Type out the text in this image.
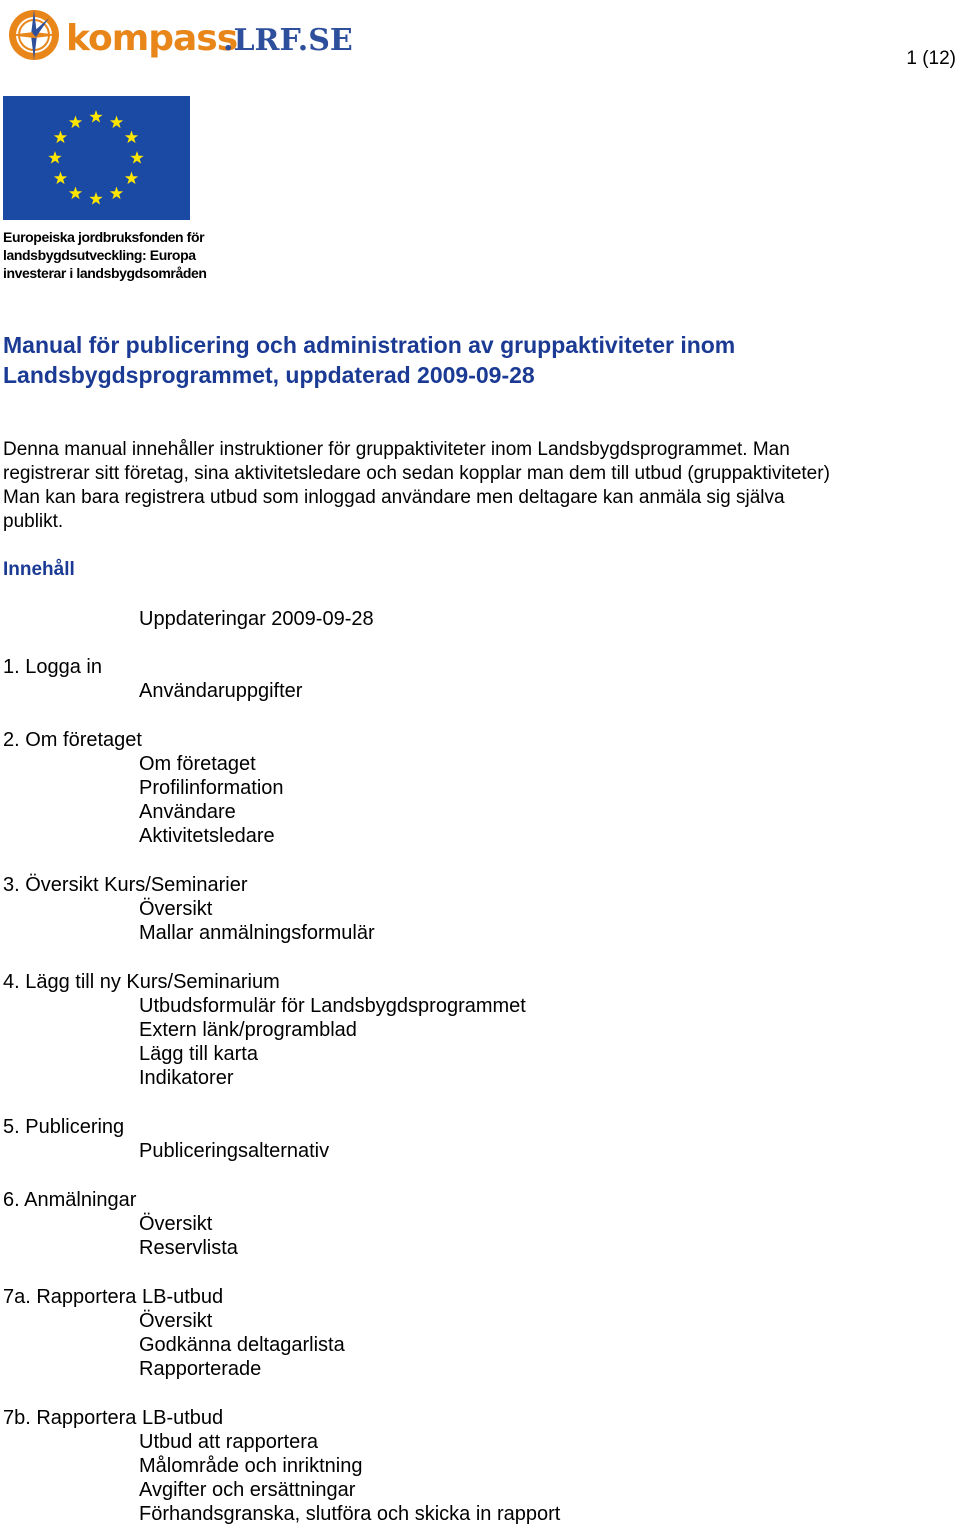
kompass
.LRF.SE
1 (12)
Europeiska jordbruksfonden för
landsbygdsutveckling: Europa
investerar i landsbygdsområden
Manual för publicering och administration av gruppaktiviteter inom
Landsbygdsprogrammet, uppdaterad 2009-09-28
Denna manual innehåller instruktioner för gruppaktiviteter inom Landsbygdsprogrammet. Man
registrerar sitt företag, sina aktivitetsledare och sedan kopplar man dem till utbud (gruppaktiviteter)
Man kan bara registrera utbud som inloggad användare men deltagare kan anmäla sig själva
publikt.
Innehåll
Uppdateringar 2009-09-28
1. Logga in
Användaruppgifter
2. Om företaget
Om företaget
Profilinformation
Användare
Aktivitetsledare
3. Översikt Kurs/Seminarier
Översikt
Mallar anmälningsformulär
4. Lägg till ny Kurs/Seminarium
Utbudsformulär för Landsbygdsprogrammet
Extern länk/programblad
Lägg till karta
Indikatorer
5. Publicering
Publiceringsalternativ
6. Anmälningar
Översikt
Reservlista
7a. Rapportera LB-utbud
Översikt
Godkänna deltagarlista
Rapporterade
7b. Rapportera LB-utbud
Utbud att rapportera
Målområde och inriktning
Avgifter och ersättningar
Förhandsgranska, slutföra och skicka in rapport
